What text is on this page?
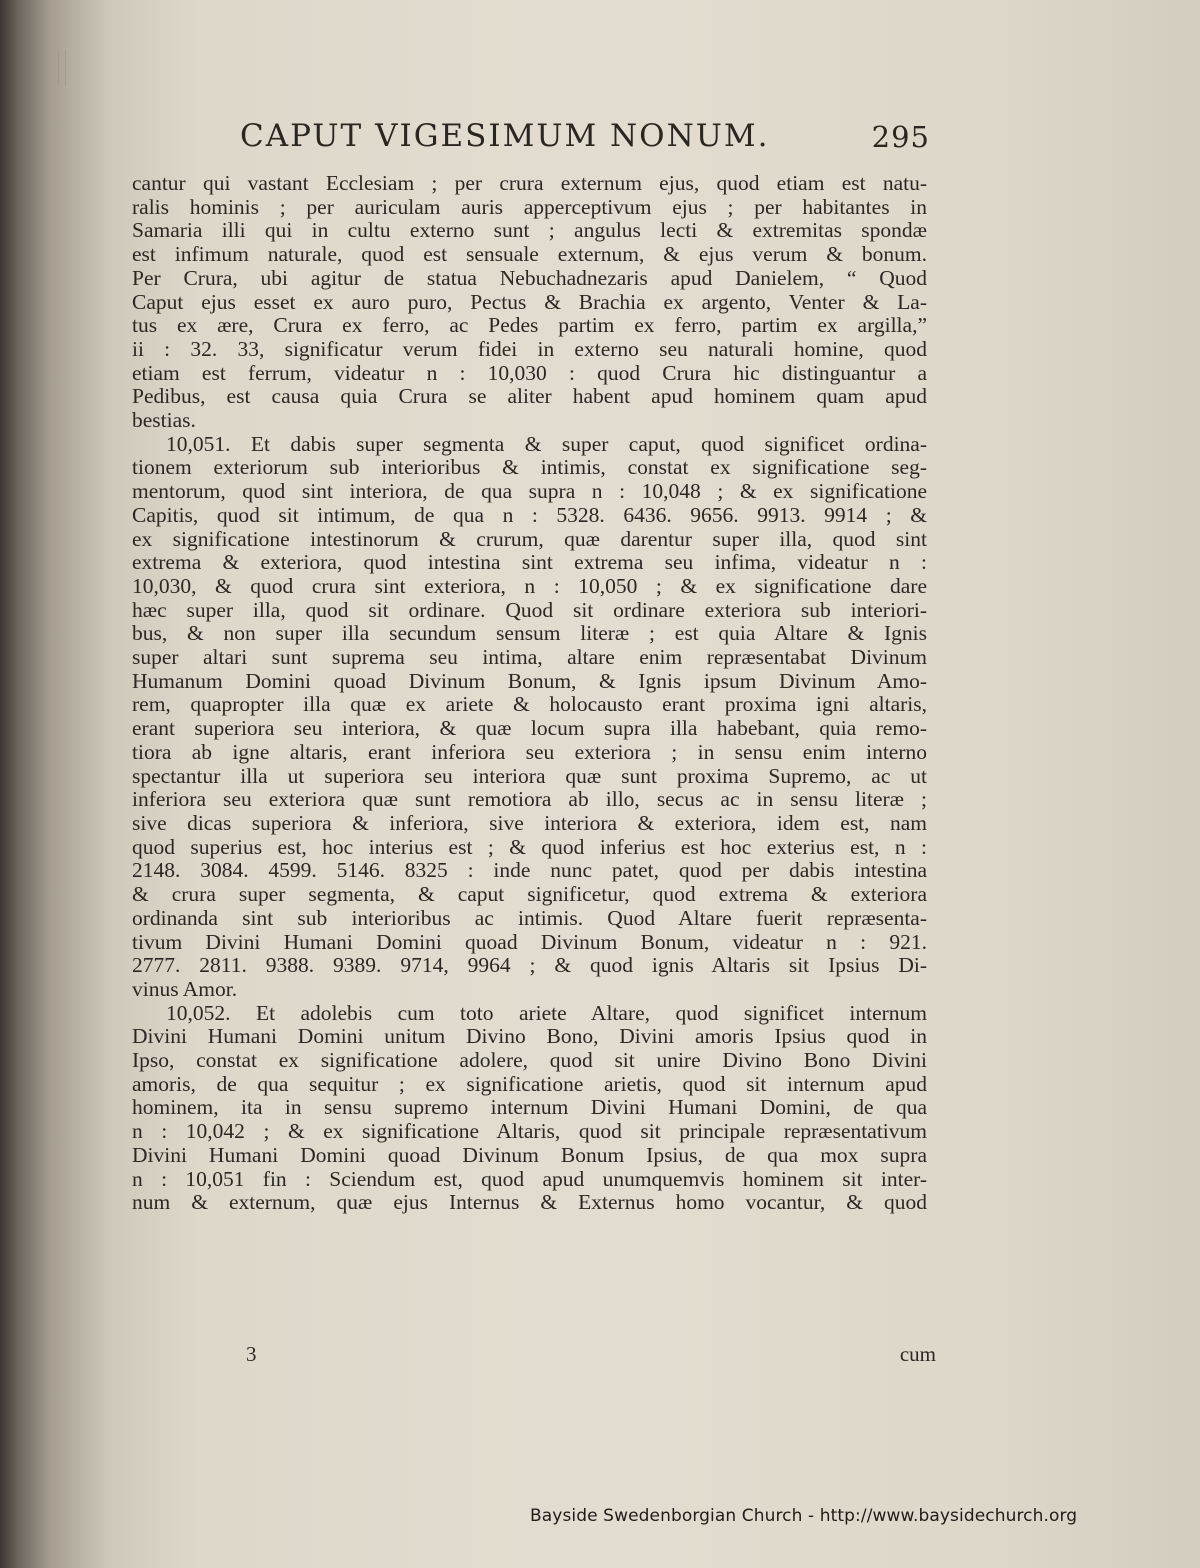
CAPUT VIGESIMUM NONUM.	295

cantur qui vastant Ecclesiam ; per crura externum ejus, quod etiam est natu-
ralis hominis ; per auriculam auris apperceptivum ejus ; per habitantes in
Samaria illi qui in cultu externo sunt ; angulus lecti & extremitas spondæ
est infimum naturale, quod est sensuale externum, & ejus verum & bonum.
Per Crura, ubi agitur de statua Nebuchadnezaris apud Danielem, “ Quod
Caput ejus esset ex auro puro, Pectus & Brachia ex argento, Venter & La-
tus ex ære, Crura ex ferro, ac Pedes partim ex ferro, partim ex argilla,”
ii : 32. 33, significatur verum fidei in externo seu naturali homine, quod
etiam est ferrum, videatur n : 10,030 : quod Crura hic distinguantur a
Pedibus, est causa quia Crura se aliter habent apud hominem quam apud
bestias.

10,051. Et dabis super segmenta & super caput, quod significet ordina-
tionem exteriorum sub interioribus & intimis, constat ex significatione seg-
mentorum, quod sint interiora, de qua supra n : 10,048 ; & ex significatione
Capitis, quod sit intimum, de qua n : 5328. 6436. 9656. 9913. 9914 ; &
ex significatione intestinorum & crurum, quæ darentur super illa, quod sint
extrema & exteriora, quod intestina sint extrema seu infima, videatur n :
10,030, & quod crura sint exteriora, n : 10,050 ; & ex significatione dare
hæc super illa, quod sit ordinare. Quod sit ordinare exteriora sub interiori-
bus, & non super illa secundum sensum literæ ; est quia Altare & Ignis
super altari sunt suprema seu intima, altare enim repræsentabat Divinum
Humanum Domini quoad Divinum Bonum, & Ignis ipsum Divinum Amo-
rem, quapropter illa quæ ex ariete & holocausto erant proxima igni altaris,
erant superiora seu interiora, & quæ locum supra illa habebant, quia remo-
tiora ab igne altaris, erant inferiora seu exteriora ; in sensu enim interno
spectantur illa ut superiora seu interiora quæ sunt proxima Supremo, ac ut
inferiora seu exteriora quæ sunt remotiora ab illo, secus ac in sensu literæ ;
sive dicas superiora & inferiora, sive interiora & exteriora, idem est, nam
quod superius est, hoc interius est ; & quod inferius est hoc exterius est, n :
2148. 3084. 4599. 5146. 8325 : inde nunc patet, quod per dabis intestina
& crura super segmenta, & caput significetur, quod extrema & exteriora
ordinanda sint sub interioribus ac intimis. Quod Altare fuerit repræsenta-
tivum Divini Humani Domini quoad Divinum Bonum, videatur n : 921.
2777. 2811. 9388. 9389. 9714, 9964 ; & quod ignis Altaris sit Ipsius Di-
vinus Amor.

10,052. Et adolebis cum toto ariete Altare, quod significet internum
Divini Humani Domini unitum Divino Bono, Divini amoris Ipsius quod in
Ipso, constat ex significatione adolere, quod sit unire Divino Bono Divini
amoris, de qua sequitur ; ex significatione arietis, quod sit internum apud
hominem, ita in sensu supremo internum Divini Humani Domini, de qua
n : 10,042 ; & ex significatione Altaris, quod sit principale repræsentativum
Divini Humani Domini quoad Divinum Bonum Ipsius, de qua mox supra
n : 10,051 fin : Sciendum est, quod apud unumquemvis hominem sit inter-
num & externum, quæ ejus Internus & Externus homo vocantur, & quod

3	cum
Bayside Swedenborgian Church - http://www.baysidechurch.org
